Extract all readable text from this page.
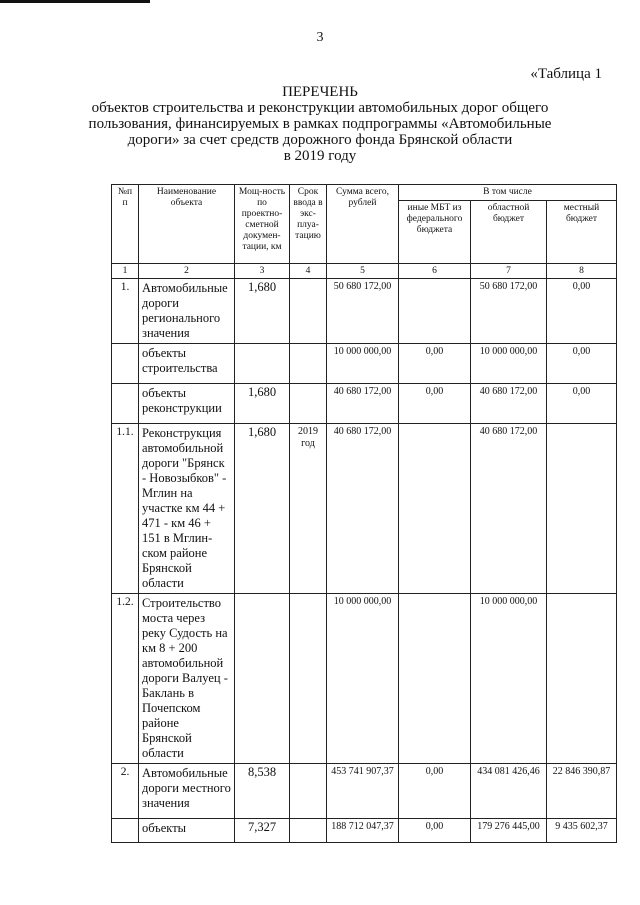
3
«Таблица 1
ПЕРЕЧЕНЬ
объектов строительства и реконструкции автомобильных дорог общего
пользования, финансируемых в рамках подпрограммы «Автомобильные
дороги» за счет средств дорожного фонда Брянской области
в 2019 году
№п п	Наименование объекта	Мощ-ность по проектно-сметной докумен-тации, км	Срок ввода в экс-плуа-тацию	Сумма всего, рублей	В том числе		
					иные МБТ из федерального бюджета	областной бюджет	местный бюджет
1	2	3	4	5	6	7	8
1.	Автомобильные дороги регионального значения	1,680		50 680 172,00		50 680 172,00	0,00
	объекты строительства			10 000 000,00	0,00	10 000 000,00	0,00
	объекты реконструкции	1,680		40 680 172,00	0,00	40 680 172,00	0,00
1.1.	Реконструкция автомобильной дороги "Брянск - Новозыбков" - Мглин на участке км 44 + 471 - км 46 + 151 в Мглин-ском районе Брянской области	1,680	2019 год	40 680 172,00		40 680 172,00	
1.2.	Строительство моста через реку Судость на км 8 + 200 автомобильной дороги Валуец - Баклань в Почепском районе Брянской области			10 000 000,00		10 000 000,00	
2.	Автомобильные дороги местного значения	8,538		453 741 907,37	0,00	434 081 426,46	22 846 390,87
	объекты	7,327		188 712 047,37	0,00	179 276 445,00	9 435 602,37
